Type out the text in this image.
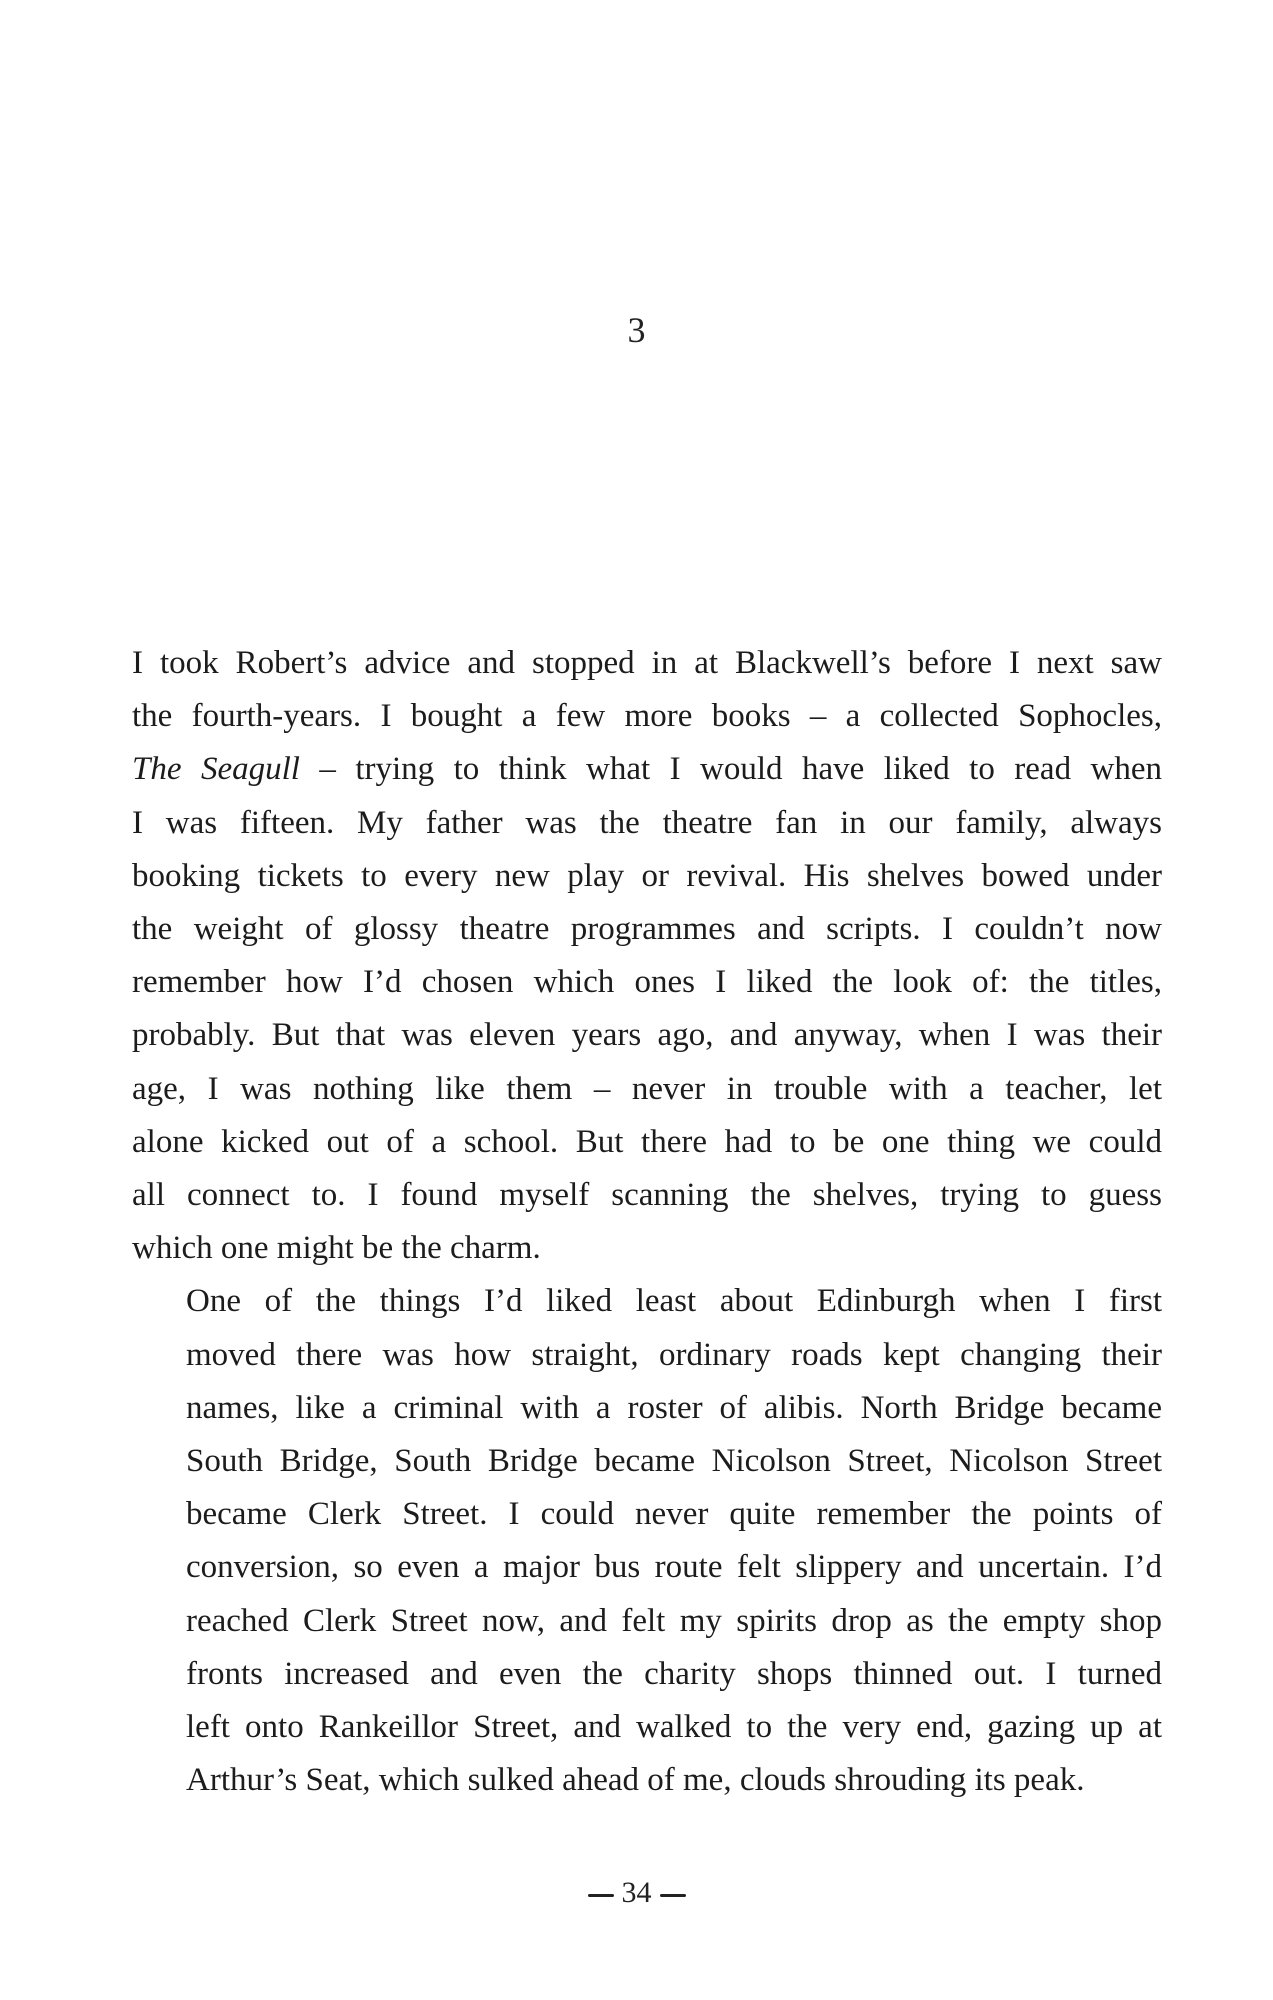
3

I took Robert’s advice and stopped in at Blackwell’s before I next saw
the fourth-years. I bought a few more books – a collected Sophocles,
The Seagull – trying to think what I would have liked to read when
I was fifteen. My father was the theatre fan in our family, always
booking tickets to every new play or revival. His shelves bowed under
the weight of glossy theatre programmes and scripts. I couldn’t now
remember how I’d chosen which ones I liked the look of: the titles,
probably. But that was eleven years ago, and anyway, when I was their
age, I was nothing like them – never in trouble with a teacher, let
alone kicked out of a school. But there had to be one thing we could
all connect to. I found myself scanning the shelves, trying to guess
which one might be the charm.

One of the things I’d liked least about Edinburgh when I first
moved there was how straight, ordinary roads kept changing their
names, like a criminal with a roster of alibis. North Bridge became
South Bridge, South Bridge became Nicolson Street, Nicolson Street
became Clerk Street. I could never quite remember the points of
conversion, so even a major bus route felt slippery and uncertain. I’d
reached Clerk Street now, and felt my spirits drop as the empty shop
fronts increased and even the charity shops thinned out. I turned
left onto Rankeillor Street, and walked to the very end, gazing up at
Arthur’s Seat, which sulked ahead of me, clouds shrouding its peak.

34
